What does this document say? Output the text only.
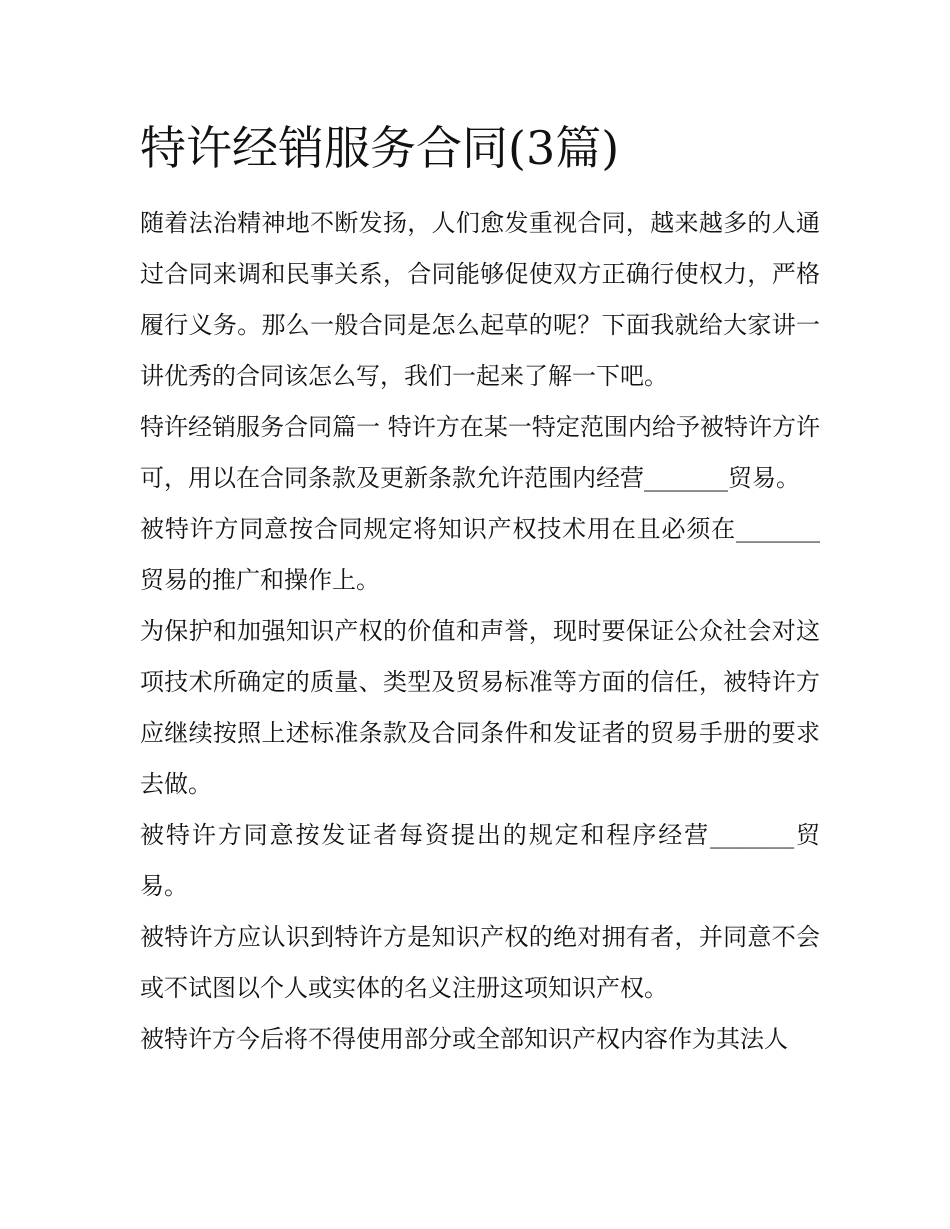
特许经销服务合同(3篇)

随着法治精神地不断发扬，人们愈发重视合同，越来越多的人通过合同来调和民事关系，合同能够促使双方正确行使权力，严格履行义务。那么一般合同是怎么起草的呢？下面我就给大家讲一讲优秀的合同该怎么写，我们一起来了解一下吧。

特许经销服务合同篇一 特许方在某一特定范围内给予被特许方许可，用以在合同条款及更新条款允许范围内经营_______贸易。

被特许方同意按合同规定将知识产权技术用在且必须在_______贸易的推广和操作上。

为保护和加强知识产权的价值和声誉，现时要保证公众社会对这项技术所确定的质量、类型及贸易标准等方面的信任，被特许方应继续按照上述标准条款及合同条件和发证者的贸易手册的要求去做。

被特许方同意按发证者每资提出的规定和程序经营_______贸易。

被特许方应认识到特许方是知识产权的绝对拥有者，并同意不会或不试图以个人或实体的名义注册这项知识产权。

被特许方今后将不得使用部分或全部知识产权内容作为其法人
